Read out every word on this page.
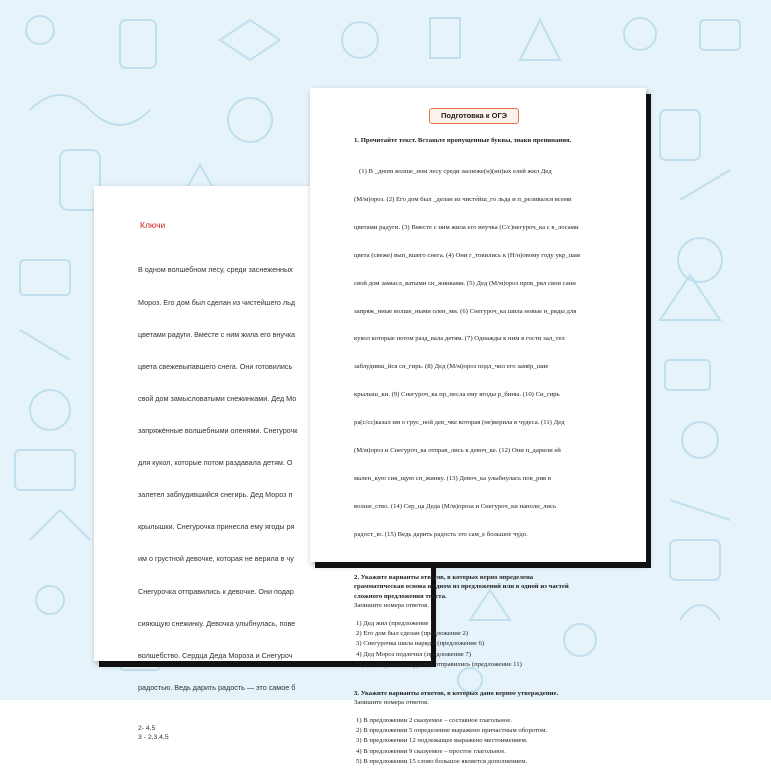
Ключи

В одном волшебном лесу, среди заснеженных

Мороз. Его дом был сделан из чистейшего льд

цветами радуги. Вместе с ним жила его внучка

цвета свежевыпавшего снега. Они готовились

свой дом замысловатыми снежинками. Дед Мо

запряжённые волшебными оленями. Снегурочк

для кукол, которые потом раздавала детям. О

залетел заблудившийся снегирь. Дед Мороз п

крылышки. Снегурочка принесла ему ягоды ря

им о грустной девочке, которая не верила в чу

Снегурочка отправились к девочке. Они подар

сияющую снежинку. Девочка улыбнулась, пове

волшебство. Сердца Деда Мороза и Снегуроч

радостью. Ведь дарить радость — это самое б

2- 4,5
3 - 2,3,4,5
Подготовка к ОГЭ
1. Прочитайте текст. Вставьте пропущенные буквы, знаки препинания.

(1) В _днom волше_ном лесу среди заснеже(н)(нн)ых елей жил Дед

(М/м)ороз. (2) Его дом был _делан из чисте́йш_го льда и п_реливался всеми

цветами радуги. (3) Вместе с ним жила его внучка (С/с)негуроч_ка с в_лосами

цвета (свеже) вып_вшего снега. (4) Они г_товились к (Н/н)овому году укр_шая

свой дом замысл_ватыми сн_жинками. (5) Дед (М/м)ороз пров_рял свои сани

запряж_нные волше_ными олен_ми. (6) Снегуроч_ка шила новые н_ряды для

кукол которые потом разд_вала детям. (7) Однажды к ним в гости зал_тел

заблудивш_йся сн_гирь. (8) Дед (М/м)ороз подл_чил его замёр_шие

крылыш_ки. (9) Снегуроч_ка пр_несла ему ягоды р_бины. (10) Сн_гирь

ра(с/сс)казал им о грус_ной дев_чке которая (не)верила в чудеса. (11) Дед

(М/м)ороз и Снегуроч_ка отправ_лись к девоч_ке. (12) Они п_дарили ей

мален_кую сия_щую сн_жинку. (13) Девоч_ка улыбнулась пов_рив в

волшe_ство. (14) Сер_ца Деда (М/м)ороза и Снегуроч_ки наполн_лись

радост_ю. (15) Ведь дарить радость это сам_е большое чудо.

2. Укажите варианты ответов, в которых верно определена
грамматическая основа в одном из предложений или в одной из частей
сложного предложения текста.
Запишите номера ответов.
1) Дед жил (предложение 1)
2) Его дом был сделан (предложение 2)
3) Снегурочка шила наряды (предложение 6)
4) Дед Мороз подлечил (предложение 7)
5) Дед Мороз и снегурочка отправились (предложение 11)
3. Укажите варианты ответов, в которых дано верное утверждение.
Запишите номера ответов.
1) В предложении 2 сказуемое – составное глагольное.
2) В предложении 5 определение выражено причастным оборотом.
3) В предложении 12 подлежащее выражено местоимением.
4) В предложении 9 сказуемое – простое глагольное.
5) В предложении 15 слово большое является дополнением.
